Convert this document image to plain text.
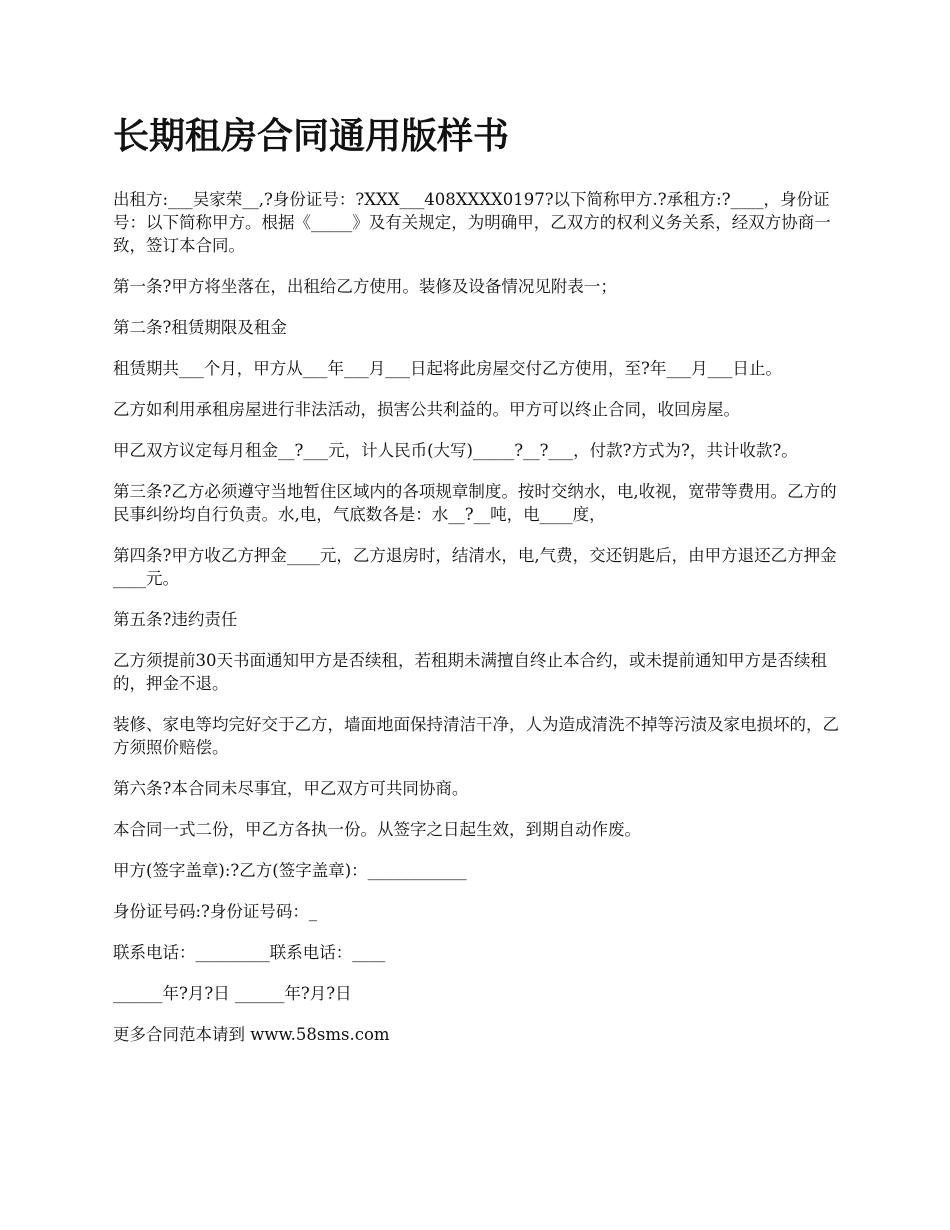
长期租房合同通用版样书

出租方:___吴家荣__,?身份证号：?XXX___408XXXX0197?以下简称甲方.?承租方:?____，身份证号：以下简称甲方。根据《_____》及有关规定，为明确甲，乙双方的权利义务关系，经双方协商一致，签订本合同。

第一条?甲方将坐落在，出租给乙方使用。装修及设备情况见附表一；

第二条?租赁期限及租金

租赁期共___个月，甲方从___年___月___日起将此房屋交付乙方使用，至?年___月___日止。

乙方如利用承租房屋进行非法活动，损害公共利益的。甲方可以终止合同，收回房屋。

甲乙双方议定每月租金__?___元，计人民币(大写)_____?__?___，付款?方式为?，共计收款?。

第三条?乙方必须遵守当地暂住区域内的各项规章制度。按时交纳水，电,收视，宽带等费用。乙方的民事纠纷均自行负责。水,电，气底数各是：水__?__吨，电____度，

第四条?甲方收乙方押金____元，乙方退房时，结清水，电,气费，交还钥匙后，由甲方退还乙方押金____元。

第五条?违约责任

乙方须提前30天书面通知甲方是否续租，若租期未满擅自终止本合约，或未提前通知甲方是否续租的，押金不退。

装修、家电等均完好交于乙方，墙面地面保持清洁干净，人为造成清洗不掉等污渍及家电损坏的，乙方须照价赔偿。

第六条?本合同未尽事宜，甲乙双方可共同协商。

本合同一式二份，甲乙方各执一份。从签字之日起生效，到期自动作废。

甲方(签字盖章):?乙方(签字盖章)：____________

身份证号码:?身份证号码：_

联系电话：_________联系电话：____

______年?月?日 ______年?月?日

更多合同范本请到 www.58sms.com
